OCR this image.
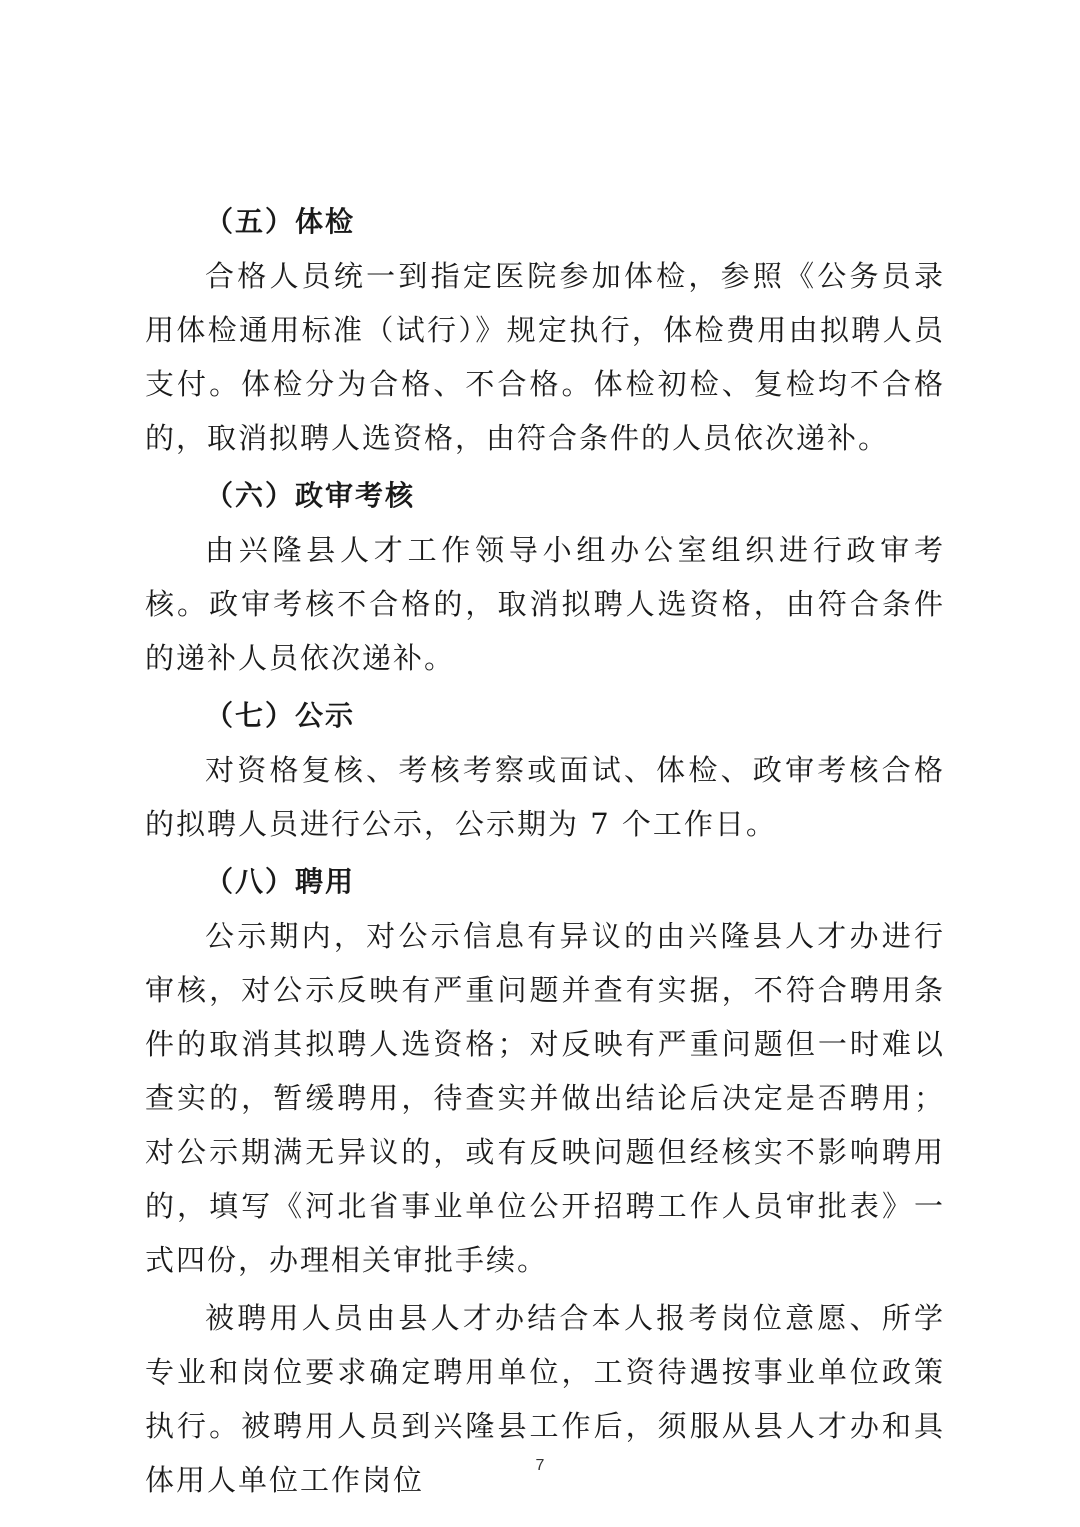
（五）体检

合格人员统一到指定医院参加体检，参照《公务员录用体检通用标准（试行）》规定执行，体检费用由拟聘人员支付。体检分为合格、不合格。体检初检、复检均不合格的，取消拟聘人选资格，由符合条件的人员依次递补。

（六）政审考核

由兴隆县人才工作领导小组办公室组织进行政审考核。政审考核不合格的，取消拟聘人选资格，由符合条件的递补人员依次递补。

（七）公示

对资格复核、考核考察或面试、体检、政审考核合格的拟聘人员进行公示，公示期为 7 个工作日。

（八）聘用

公示期内，对公示信息有异议的由兴隆县人才办进行审核，对公示反映有严重问题并查有实据，不符合聘用条件的取消其拟聘人选资格；对反映有严重问题但一时难以查实的，暂缓聘用，待查实并做出结论后决定是否聘用；对公示期满无异议的，或有反映问题但经核实不影响聘用的，填写《河北省事业单位公开招聘工作人员审批表》一式四份，办理相关审批手续。

被聘用人员由县人才办结合本人报考岗位意愿、所学专业和岗位要求确定聘用单位，工资待遇按事业单位政策执行。被聘用人员到兴隆县工作后，须服从县人才办和具体用人单位工作岗位	7
